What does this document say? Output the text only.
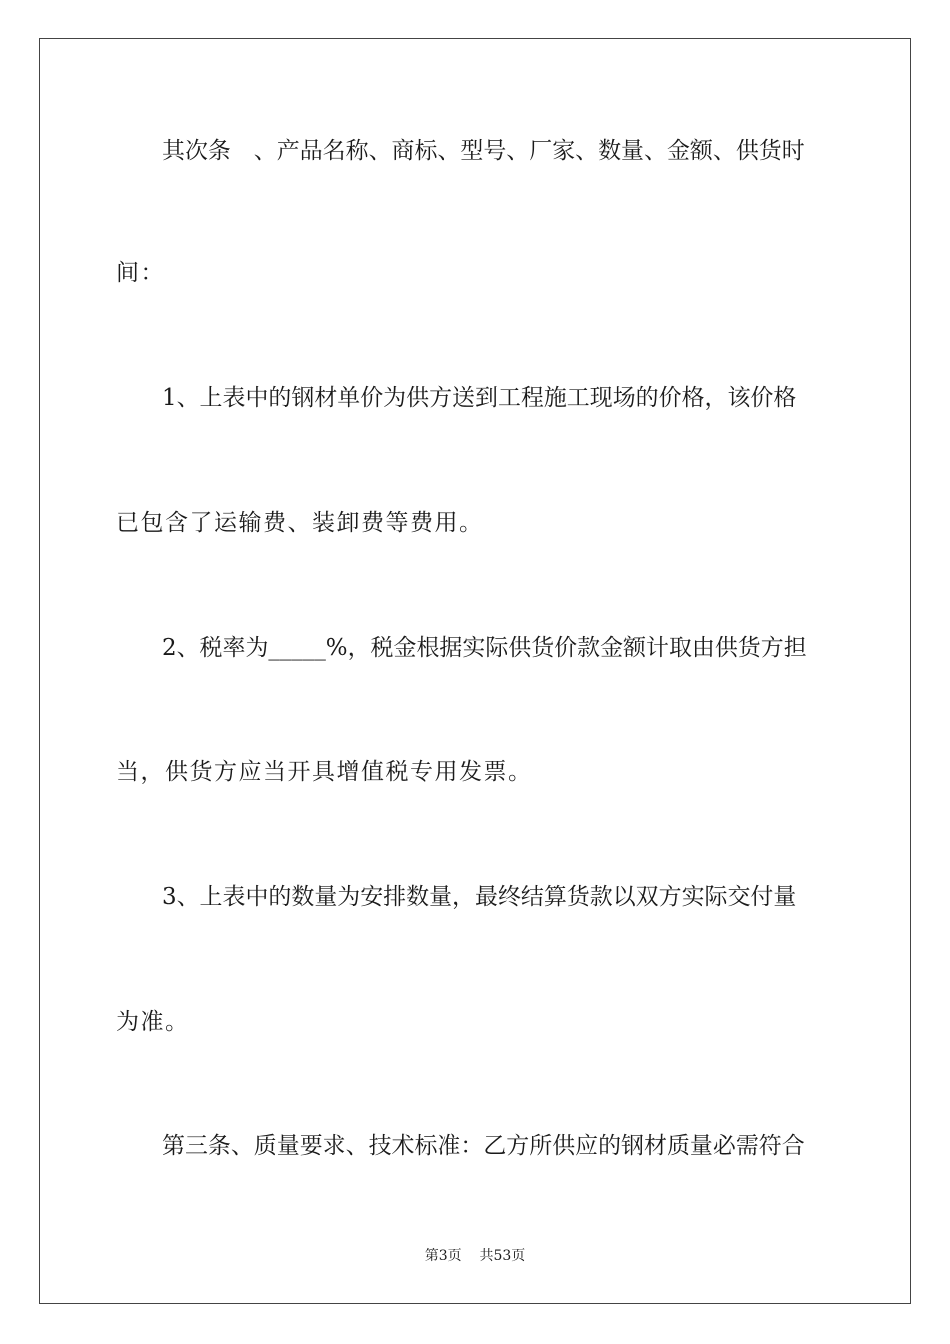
其次条　、产品名称、商标、型号、厂家、数量、金额、供货时
间：
1、上表中的钢材单价为供方送到工程施工现场的价格，该价格
已包含了运输费、装卸费等费用。
2、税率为_____%，税金根据实际供货价款金额计取由供货方担
当，供货方应当开具增值税专用发票。
3、上表中的数量为安排数量，最终结算货款以双方实际交付量
为准。
第三条、质量要求、技术标准：乙方所供应的钢材质量必需符合
第3页 共53页
